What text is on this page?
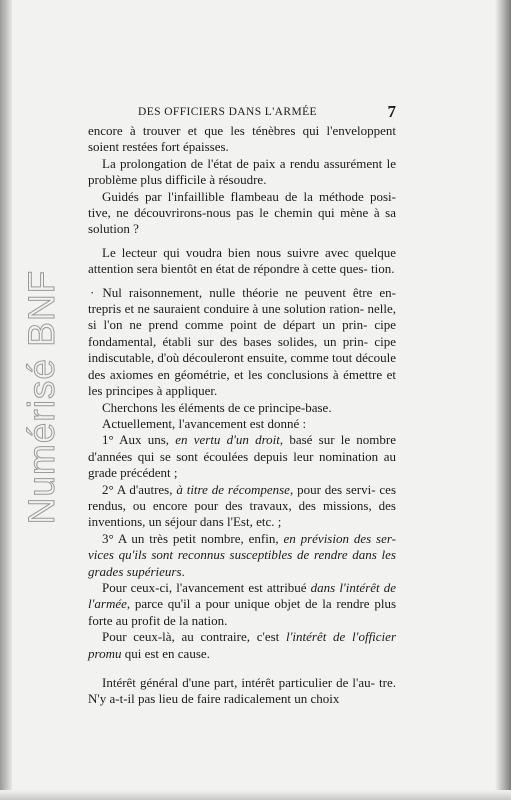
Numérisé BNF
DES OFFICIERS DANS L'ARMÉE	7

encore à trouver et que les ténèbres qui l'enveloppent soient restées fort épaisses.

La prolongation de l'état de paix a rendu assurément le problème plus difficile à résoudre.

Guidés par l'infaillible flambeau de la méthode posi- tive, ne découvrirons-nous pas le chemin qui mène à sa solution ?

Le lecteur qui voudra bien nous suivre avec quelque attention sera bientôt en état de répondre à cette ques- tion.

· Nul raisonnement, nulle théorie ne peuvent être en- trepris et ne sauraient conduire à une solution ration- nelle, si l'on ne prend comme point de départ un prin- cipe fondamental, établi sur des bases solides, un prin- cipe indiscutable, d'où découleront ensuite, comme tout découle des axiomes en géométrie, et les conclusions à émettre et les principes à appliquer.

Cherchons les éléments de ce principe-base.

Actuellement, l'avancement est donné :

1° Aux uns, en vertu d'un droit, basé sur le nombre d'années qui se sont écoulées depuis leur nomination au grade précédent ;

2° A d'autres, à titre de récompense, pour des servi- ces rendus, ou encore pour des travaux, des missions, des inventions, un séjour dans l'Est, etc. ;

3° A un très petit nombre, enfin, en prévision des ser- vices qu'ils sont reconnus susceptibles de rendre dans les grades supérieurs.

Pour ceux-ci, l'avancement est attribué dans l'intérêt de l'armée, parce qu'il a pour unique objet de la rendre plus forte au profit de la nation.

Pour ceux-là, au contraire, c'est l'intérêt de l'officier promu qui est en cause.

Intérêt général d'une part, intérêt particulier de l'au- tre. N'y a-t-il pas lieu de faire radicalement un choix
